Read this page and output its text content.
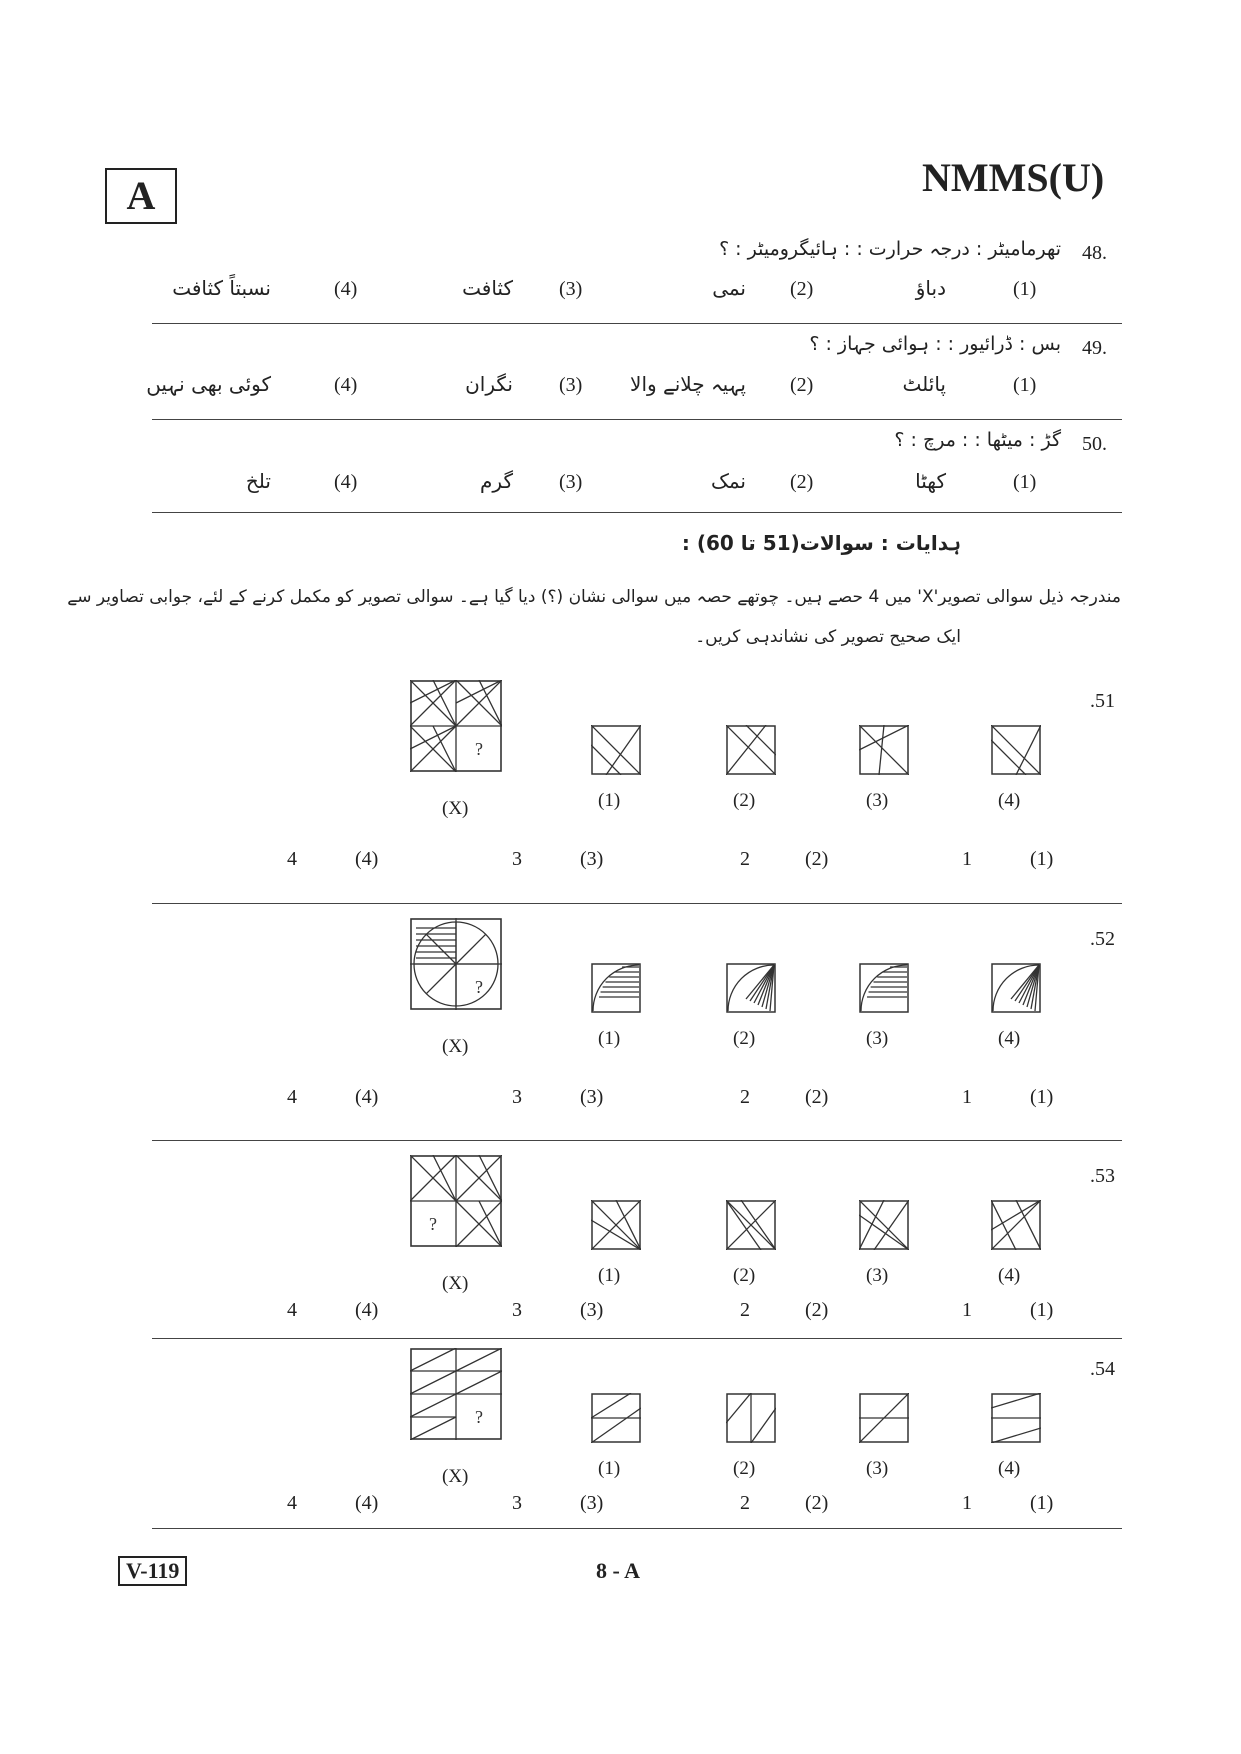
A	NMMS(U)
48.
تھرمامیٹر : درجہ حرارت : : ہائیگرومیٹر : ؟
(1)
دباؤ
(2)
نمی
(3)
کثافت
(4)
نسبتاً کثافت
49.
بس : ڈرائیور : : ہوائی جہاز : ؟
(1)
پائلٹ
(2)
پہیہ چلانے والا
(3)
نگران
(4)
کوئی بھی نہیں
50.
گڑ : میٹھا : : مرچ : ؟
(1)
کھٹا
(2)
نمک
(3)
گرم
(4)
تلخ
ہدایات : سوالات(51 تا 60) :
مندرجہ ذیل سوالی تصویر'X' میں 4 حصے ہیں۔ چوتھے حصہ میں سوالی نشان (؟) دیا گیا ہے۔ سوالی تصویر کو مکمل کرنے کے لئے، جوابی تصاویر سے
ایک صحیح تصویر کی نشاندہی کریں۔
.51
?
(X)	(1)	(2)	(3)	(4)
(1)
1
(2)
2
(3)
3
(4)
4
.52
?
(X)	(1)	(2)	(3)	(4)
(1)
1
(2)
2
(3)
3
(4)
4
.53
?
(X)	(1)	(2)	(3)	(4)
(1)
1
(2)
2
(3)
3
(4)
4
.54
?
(X)	(1)	(2)	(3)	(4)
(1)
1
(2)
2
(3)
3
(4)
4
V-119	8 - A
